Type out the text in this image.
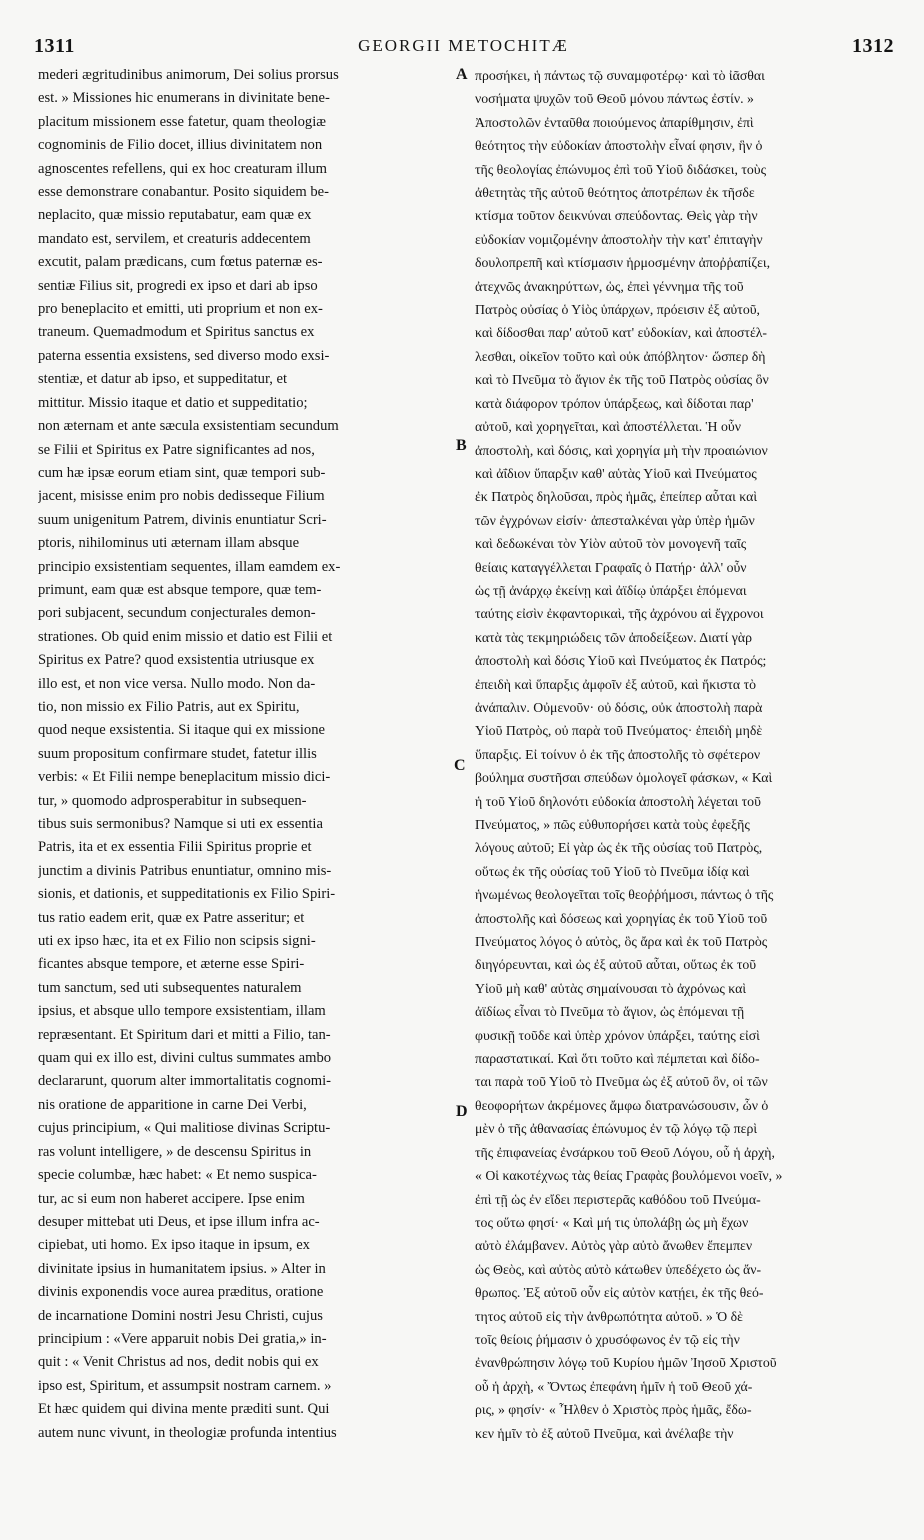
1311	GEORGII METOCHITÆ	1312
mederi ægritudinibus animorum, Dei solius prorsus
est. » Missiones hic enumerans in divinitate bene-
placitum missionem esse fatetur, quam theologiæ
cognominis de Filio docet, illius divinitatem non
agnoscentes refellens, qui ex hoc creaturam illum
esse demonstrare conabantur. Posito siquidem be-
neplacito, quæ missio reputabatur, eam quæ ex
mandato est, servilem, et creaturis addecentem
excutit, palam prædicans, cum fœtus paternæ es-
sentiæ Filius sit, progredi ex ipso et dari ab ipso
pro beneplacito et emitti, uti proprium et non ex-
traneum. Quemadmodum et Spiritus sanctus ex
paterna essentia exsistens, sed diverso modo exsi-
stentiæ, et datur ab ipso, et suppeditatur, et
mittitur. Missio itaque et datio et suppeditatio;
non æternam et ante sæcula exsistentiam secundum
se Filii et Spiritus ex Patre significantes ad nos,
cum hæ ipsæ eorum etiam sint, quæ tempori sub-
jacent, misisse enim pro nobis dedisseque Filium
suum unigenitum Patrem, divinis enuntiatur Scri-
ptoris, nihilominus uti æternam illam absque
principio exsistentiam sequentes, illam eamdem ex-
primunt, eam quæ est absque tempore, quæ tem-
pori subjacent, secundum conjecturales demon-
strationes. Ob quid enim missio et datio est Filii et
Spiritus ex Patre? quod exsistentia utriusque ex
illo est, et non vice versa. Nullo modo. Non da-
tio, non missio ex Filio Patris, aut ex Spiritu,
quod neque exsistentia. Si itaque qui ex missione
suum propositum confirmare studet, fatetur illis
verbis: « Et Filii nempe beneplacitum missio dici-
tur, » quomodo adprosperabitur in subsequen-
tibus suis sermonibus? Namque si uti ex essentia
Patris, ita et ex essentia Filii Spiritus proprie et
junctim a divinis Patribus enuntiatur, omnino mis-
sionis, et dationis, et suppeditationis ex Filio Spiri-
tus ratio eadem erit, quæ ex Patre asseritur; et
uti ex ipso hæc, ita et ex Filio non scipsis signi-
ficantes absque tempore, et æterne esse Spiri-
tum sanctum, sed uti subsequentes naturalem
ipsius, et absque ullo tempore exsistentiam, illam
repræsentant. Et Spiritum dari et mitti a Filio, tan-
quam qui ex illo est, divini cultus summates ambo
declararunt, quorum alter immortalitatis cognomi-
nis oratione de apparitione in carne Dei Verbi,
cujus principium, « Qui malitiose divinas Scriptu-
ras volunt intelligere, » de descensu Spiritus in
specie columbæ, hæc habet: « Et nemo suspica-
tur, ac si eum non haberet accipere. Ipse enim
desuper mittebat uti Deus, et ipse illum infra ac-
cipiebat, uti homo. Ex ipso itaque in ipsum, ex
divinitate ipsius in humanitatem ipsius. » Alter in
divinis exponendis voce aurea præditus, oratione
de incarnatione Domini nostri Jesu Christi, cujus
principium : «Vere apparuit nobis Dei gratia,» in-
quit : « Venit Christus ad nos, dedit nobis qui ex
ipso est, Spiritum, et assumpsit nostram carnem. »
Et hæc quidem qui divina mente præditi sunt. Qui
autem nunc vivunt, in theologiæ profunda intentius
A
B
C
D
προσήκει, ἡ πάντως τῷ συναμφοτέρῳ· καὶ τὸ ἰᾶσθαι
νοσήματα ψυχῶν τοῦ Θεοῦ μόνου πάντως ἐστίν. »
Ἀποστολῶν ἐνταῦθα ποιούμενος ἀπαρίθμησιν, ἐπὶ
θεότητος τὴν εὐδοκίαν ἀποστολὴν εἶναί φησιν, ἣν ὁ
τῆς θεολογίας ἐπώνυμος ἐπὶ τοῦ Υἱοῦ διδάσκει, τοὺς
ἀθετητὰς τῆς αὐτοῦ θεότητος ἀποτρέπων ἐκ τῆσδε
κτίσμα τοῦτον δεικνύναι σπεύδοντας. Θεὶς γὰρ τὴν
εὐδοκίαν νομιζομένην ἀποστολὴν τὴν κατ' ἐπιταγὴν
δουλοπρεπῆ καὶ κτίσμασιν ἡρμοσμένην ἀποῤῥαπίζει,
ἀτεχνῶς ἀνακηρύττων, ὡς, ἐπεὶ γέννημα τῆς τοῦ
Πατρὸς οὐσίας ὁ Υἱὸς ὑπάρχων, πρόεισιν ἐξ αὐτοῦ,
καὶ δίδοσθαι παρ' αὐτοῦ κατ' εὐδοκίαν, καὶ ἀποστέλ-
λεσθαι, οἰκεῖον τοῦτο καὶ οὐκ ἀπόβλητον· ὥσπερ δὴ
καὶ τὸ Πνεῦμα τὸ ἅγιον ἐκ τῆς τοῦ Πατρὸς οὐσίας ὂν
κατὰ διάφορον τρόπον ὑπάρξεως, καὶ δίδοται παρ'
αὐτοῦ, καὶ χορηγεῖται, καὶ ἀποστέλλεται. Ἡ οὖν
ἀποστολὴ, καὶ δόσις, καὶ χορηγία μὴ τὴν προαιώνιον
καὶ ἀΐδιον ὕπαρξιν καθ' αὑτὰς Υἱοῦ καὶ Πνεύματος
ἐκ Πατρὸς δηλοῦσαι, πρὸς ἡμᾶς, ἐπείπερ αὗται καὶ
τῶν ἐγχρόνων εἰσίν· ἀπεσταλκέναι γὰρ ὑπὲρ ἡμῶν
καὶ δεδωκέναι τὸν Υἱὸν αὐτοῦ τὸν μονογενῆ ταῖς
θείαις καταγγέλλεται Γραφαῖς ὁ Πατήρ· ἀλλ' οὖν
ὡς τῇ ἀνάρχῳ ἐκείνῃ καὶ ἀϊδίῳ ὑπάρξει ἑπόμεναι
ταύτης εἰσὶν ἐκφαντορικαὶ, τῆς ἀχρόνου αἱ ἔγχρονοι
κατὰ τὰς τεκμηριώδεις τῶν ἀποδείξεων. Διατί γὰρ
ἀποστολὴ καὶ δόσις Υἱοῦ καὶ Πνεύματος ἐκ Πατρός;
ἐπειδὴ καὶ ὕπαρξις ἀμφοῖν ἐξ αὐτοῦ, καὶ ἥκιστα τὸ
ἀνάπαλιν. Οὐμενοῦν· οὐ δόσις, οὐκ ἀποστολὴ παρὰ
Υἱοῦ Πατρὸς, οὐ παρὰ τοῦ Πνεύματος· ἐπειδὴ μηδὲ
ὕπαρξις. Εἰ τοίνυν ὁ ἐκ τῆς ἀποστολῆς τὸ σφέτερον
βούλημα συστῆσαι σπεύδων ὁμολογεῖ φάσκων, « Καὶ
ἡ τοῦ Υἱοῦ δηλονότι εὐδοκία ἀποστολὴ λέγεται τοῦ
Πνεύματος, » πῶς εὐθυπορήσει κατὰ τοὺς ἐφεξῆς
λόγους αὐτοῦ; Εἰ γὰρ ὡς ἐκ τῆς οὐσίας τοῦ Πατρὸς,
οὕτως ἐκ τῆς οὐσίας τοῦ Υἱοῦ τὸ Πνεῦμα ἰδίᾳ καὶ
ἡνωμένως θεολογεῖται τοῖς θεοῤῥήμοσι, πάντως ὁ τῆς
ἀποστολῆς καὶ δόσεως καὶ χορηγίας ἐκ τοῦ Υἱοῦ τοῦ
Πνεύματος λόγος ὁ αὐτὸς, ὃς ἄρα καὶ ἐκ τοῦ Πατρὸς
διηγόρευνται, καὶ ὡς ἐξ αὐτοῦ αὗται, οὕτως ἐκ τοῦ
Υἱοῦ μὴ καθ' αὑτὰς σημαίνουσαι τὸ ἀχρόνως καὶ
ἀϊδίως εἶναι τὸ Πνεῦμα τὸ ἅγιον, ὡς ἑπόμεναι τῇ
φυσικῇ τοῦδε καὶ ὑπὲρ χρόνον ὑπάρξει, ταύτης εἰσὶ
παραστατικαί. Καὶ ὅτι τοῦτο καὶ πέμπεται καὶ δίδο-
ται παρὰ τοῦ Υἱοῦ τὸ Πνεῦμα ὡς ἐξ αὐτοῦ ὂν, οἱ τῶν
θεοφορήτων ἀκρέμονες ἄμφω διατρανώσουσιν, ὧν ὁ
μὲν ὁ τῆς ἀθανασίας ἐπώνυμος ἐν τῷ λόγῳ τῷ περὶ
τῆς ἐπιφανείας ἐνσάρκου τοῦ Θεοῦ Λόγου, οὗ ἡ ἀρχὴ,
« Οἱ κακοτέχνως τὰς θείας Γραφὰς βουλόμενοι νοεῖν, »
ἐπὶ τῇ ὡς ἐν εἴδει περιστερᾶς καθόδου τοῦ Πνεύμα-
τος οὕτω φησί· « Καὶ μή τις ὑπολάβῃ ὡς μὴ ἔχων
αὐτὸ ἐλάμβανεν. Αὐτὸς γὰρ αὐτὸ ἄνωθεν ἔπεμπεν
ὡς Θεὸς, καὶ αὐτὸς αὐτὸ κάτωθεν ὑπεδέχετο ὡς ἄν-
θρωπος. Ἐξ αὐτοῦ οὖν εἰς αὐτὸν κατῄει, ἐκ τῆς θεό-
τητος αὐτοῦ εἰς τὴν ἀνθρωπότητα αὐτοῦ. » Ὁ δὲ
τοῖς θείοις ῥήμασιν ὁ χρυσόφωνος ἐν τῷ εἰς τὴν
ἐνανθρώπησιν λόγῳ τοῦ Κυρίου ἡμῶν Ἰησοῦ Χριστοῦ
οὗ ἡ ἀρχὴ, « Ὄντως ἐπεφάνη ἡμῖν ἡ τοῦ Θεοῦ χά-
ρις, » φησίν· « Ἦλθεν ὁ Χριστὸς πρὸς ἡμᾶς, ἔδω-
κεν ἡμῖν τὸ ἐξ αὐτοῦ Πνεῦμα, καὶ ἀνέλαβε τὴν
